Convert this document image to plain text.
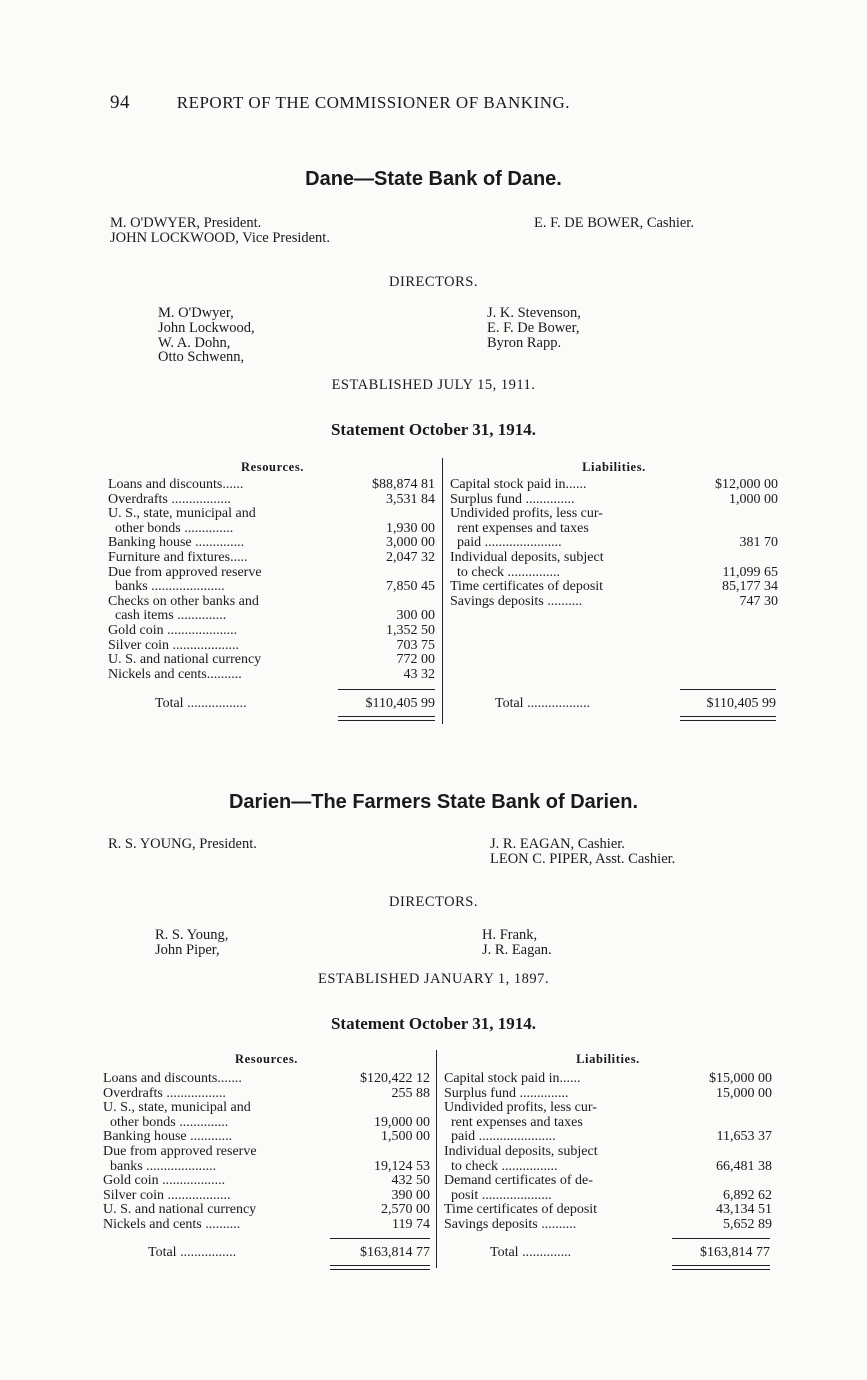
94	REPORT OF THE COMMISSIONER OF BANKING.
Dane—State Bank of Dane.
M. O'DWYER, President.
JOHN LOCKWOOD, Vice President.
E. F. DE BOWER, Cashier.
DIRECTORS.
M. O'Dwyer,
John Lockwood,
W. A. Dohn,
Otto Schwenn,
J. K. Stevenson,
E. F. De Bower,
Byron Rapp.
ESTABLISHED JULY 15, 1911.
Statement October 31, 1914.
Resources.	Liabilities.
Loans and discounts......	$88,874 81
Overdrafts .................	3,531 84
U. S., state, municipal and
other bonds ..............	1,930 00
Banking house ..............	3,000 00
Furniture and fixtures.....	2,047 32
Due from approved reserve
banks .....................	7,850 45
Checks on other banks and
cash items ..............	300 00
Gold coin ....................	1,352 50
Silver coin ...................	703 75
U. S. and national currency	772 00
Nickels and cents..........	43 32
Capital stock paid in......	$12,000 00
Surplus fund ..............	1,000 00
Undivided profits, less cur-
rent expenses and taxes
paid ......................	381 70
Individual deposits, subject
to check ...............	11,099 65
Time certificates of deposit	85,177 34
Savings deposits ..........	747 30
Total .................	$110,405 99	Total ..................	$110,405 99
Darien—The Farmers State Bank of Darien.
R. S. YOUNG, President.	J. R. EAGAN, Cashier.
LEON C. PIPER, Asst. Cashier.
DIRECTORS.
R. S. Young,
John Piper,
H. Frank,
J. R. Eagan.
ESTABLISHED JANUARY 1, 1897.
Statement October 31, 1914.
Resources.	Liabilities.
Loans and discounts.......	$120,422 12
Overdrafts .................	255 88
U. S., state, municipal and
other bonds ..............	19,000 00
Banking house ............	1,500 00
Due from approved reserve
banks ....................	19,124 53
Gold coin ..................	432 50
Silver coin ..................	390 00
U. S. and national currency	2,570 00
Nickels and cents ..........	119 74
Capital stock paid in......	$15,000 00
Surplus fund ..............	15,000 00
Undivided profits, less cur-
rent expenses and taxes
paid ......................	11,653 37
Individual deposits, subject
to check ................	66,481 38
Demand certificates of de-
posit ....................	6,892 62
Time certificates of deposit	43,134 51
Savings deposits ..........	5,652 89
Total ................	$163,814 77	Total ..............	$163,814 77
